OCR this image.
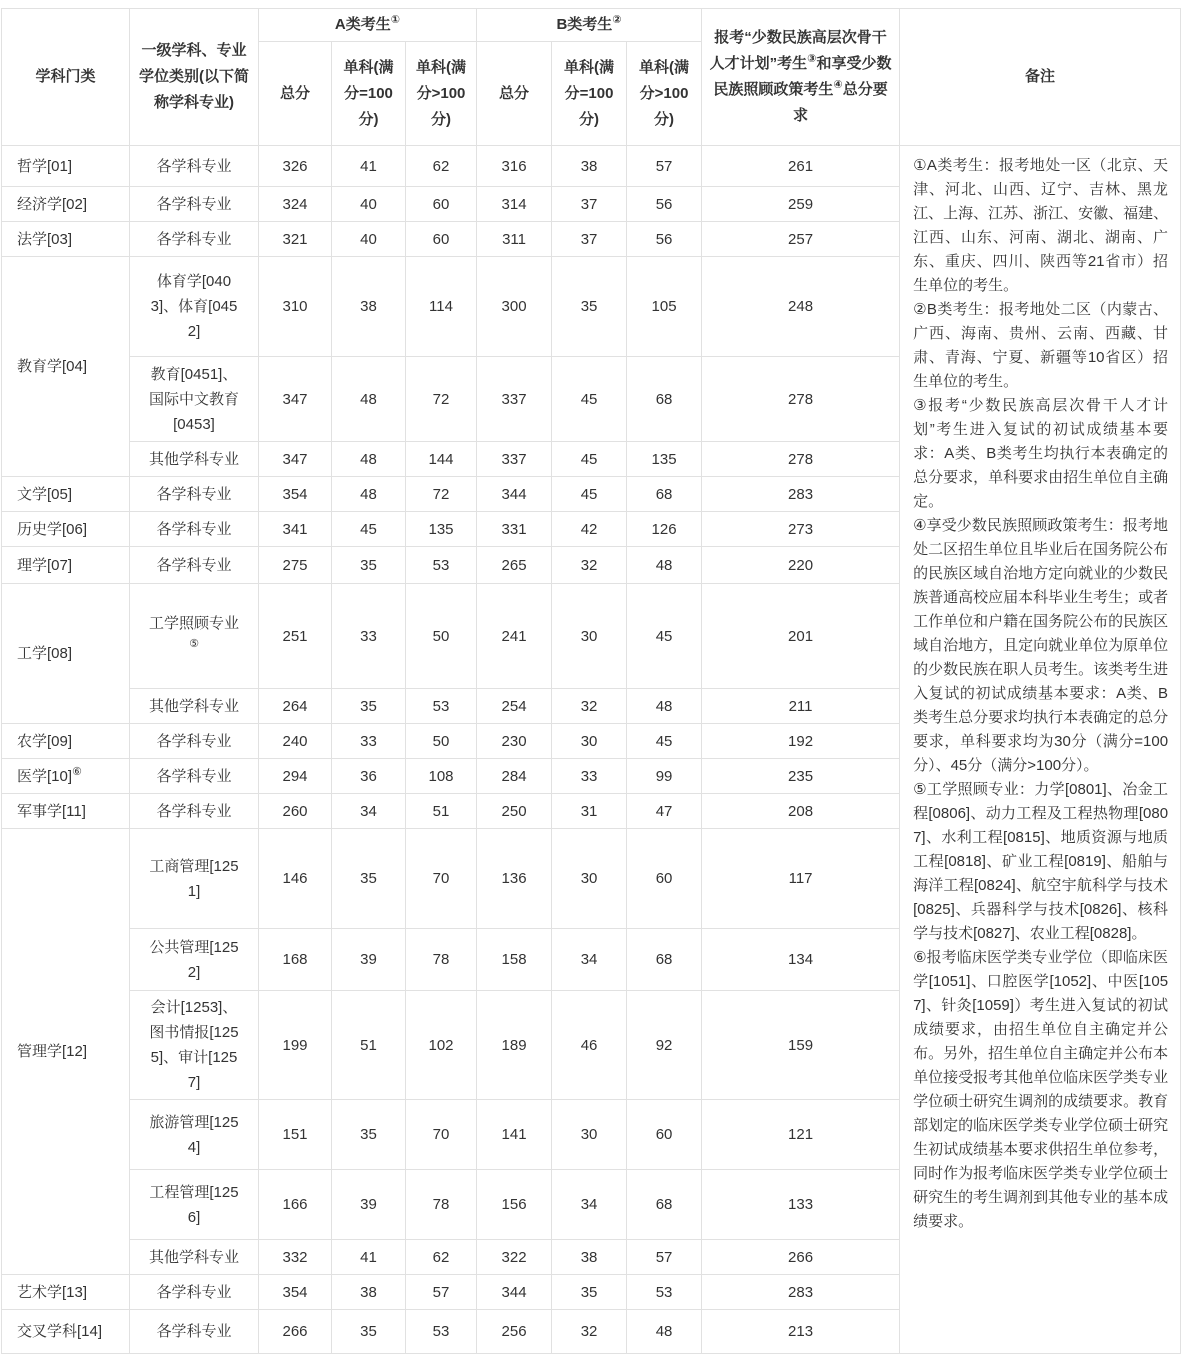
学科门类	一级学科、专业学位类别(以下简称学科专业)	A类考生①			B类考生②			报考“少数民族高层次骨干人才计划”考生③和享受少数民族照顾政策考生④总分要求	备注
		总分	单科(满分=100分)	单科(满分>100分)	总分	单科(满分=100分)	单科(满分>100分)		
哲学[01]	各学科专业	326	41	62	316	38	57	261	①A类考生：报考地处一区（北京、天津、河北、山西、辽宁、吉林、黑龙江、上海、江苏、浙江、安徽、福建、江西、山东、河南、湖北、湖南、广东、重庆、四川、陕西等21省市）招生单位的考生。

②B类考生：报考地处二区（内蒙古、广西、海南、贵州、云南、西藏、甘肃、青海、宁夏、新疆等10省区）招生单位的考生。

③报考“少数民族高层次骨干人才计划”考生进入复试的初试成绩基本要求：A类、B类考生均执行本表确定的总分要求，单科要求由招生单位自主确定。

④享受少数民族照顾政策考生：报考地处二区招生单位且毕业后在国务院公布的民族区域自治地方定向就业的少数民族普通高校应届本科毕业生考生；或者工作单位和户籍在国务院公布的民族区域自治地方，且定向就业单位为原单位的少数民族在职人员考生。该类考生进入复试的初试成绩基本要求：A类、B类考生总分要求均执行本表确定的总分要求，单科要求均为30分（满分=100分）、45分（满分>100分）。

⑤工学照顾专业：力学[0801]、冶金工程[0806]、动力工程及工程热物理[0807]、水利工程[0815]、地质资源与地质工程[0818]、矿业工程[0819]、船舶与海洋工程[0824]、航空宇航科学与技术[0825]、兵器科学与技术[0826]、核科学与技术[0827]、农业工程[0828]。

⑥报考临床医学类专业学位（即临床医学[1051]、口腔医学[1052]、中医[1057]、针灸[1059]）考生进入复试的初试成绩要求，由招生单位自主确定并公布。另外，招生单位自主确定并公布本单位接受报考其他单位临床医学类专业学位硕士研究生调剂的成绩要求。教育部划定的临床医学类专业学位硕士研究生初试成绩基本要求供招生单位参考，同时作为报考临床医学类专业学位硕士研究生的考生调剂到其他专业的基本成绩要求。

经济学[02]	各学科专业	324	40	60	314	37	56	259	
法学[03]	各学科专业	321	40	60	311	37	56	257	
教育学[04]	体育学[0403]、体育[0452]	310	38	114	300	35	105	248	
	教育[0451]、国际中文教育[0453]	347	48	72	337	45	68	278	
	其他学科专业	347	48	144	337	45	135	278	
文学[05]	各学科专业	354	48	72	344	45	68	283	
历史学[06]	各学科专业	341	45	135	331	42	126	273	
理学[07]	各学科专业	275	35	53	265	32	48	220	
工学[08]	工学照顾专业⑤	251	33	50	241	30	45	201	
	其他学科专业	264	35	53	254	32	48	211	
农学[09]	各学科专业	240	33	50	230	30	45	192	
医学[10]⑥	各学科专业	294	36	108	284	33	99	235	
军事学[11]	各学科专业	260	34	51	250	31	47	208	
管理学[12]	工商管理[1251]	146	35	70	136	30	60	117	
	公共管理[1252]	168	39	78	158	34	68	134	
	会计[1253]、图书情报[1255]、审计[1257]	199	51	102	189	46	92	159	
	旅游管理[1254]	151	35	70	141	30	60	121	
	工程管理[1256]	166	39	78	156	34	68	133	
	其他学科专业	332	41	62	322	38	57	266	
艺术学[13]	各学科专业	354	38	57	344	35	53	283	
交叉学科[14]	各学科专业	266	35	53	256	32	48	213	
